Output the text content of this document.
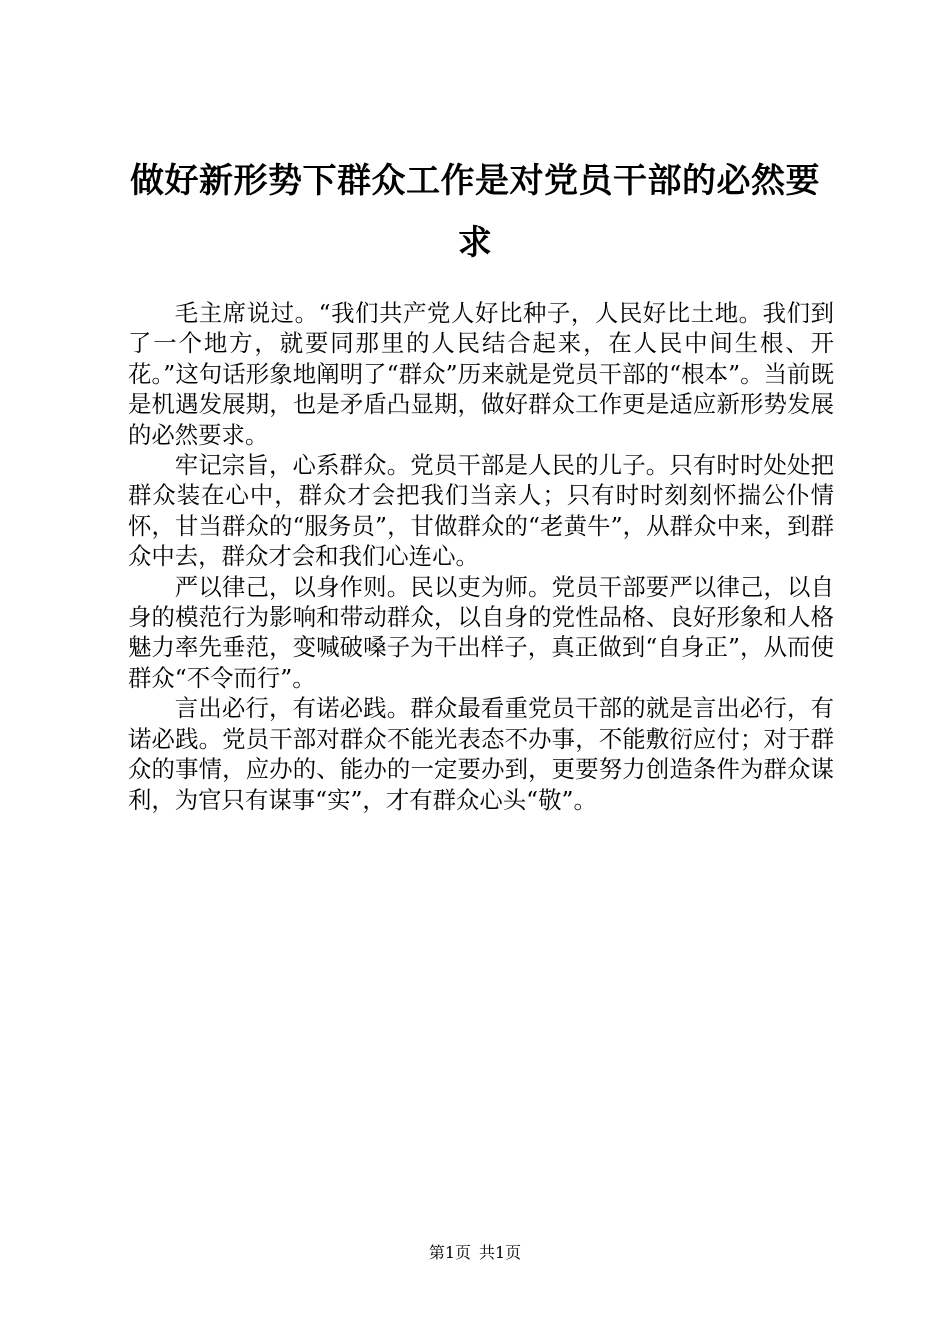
做好新形势下群众工作是对党员干部的必然要求

毛主席说过。“我们共产党人好比种子，人民好比土地。我们到了一个地方，就要同那里的人民结合起来，在人民中间生根、开花。”这句话形象地阐明了“群众”历来就是党员干部的“根本”。当前既是机遇发展期，也是矛盾凸显期，做好群众工作更是适应新形势发展的必然要求。

牢记宗旨，心系群众。党员干部是人民的儿子。只有时时处处把群众装在心中，群众才会把我们当亲人；只有时时刻刻怀揣公仆情怀，甘当群众的“服务员”，甘做群众的“老黄牛”，从群众中来，到群众中去，群众才会和我们心连心。

严以律己，以身作则。民以吏为师。党员干部要严以律己，以自身的模范行为影响和带动群众，以自身的党性品格、良好形象和人格魅力率先垂范，变喊破嗓子为干出样子，真正做到“自身正”，从而使群众“不令而行”。

言出必行，有诺必践。群众最看重党员干部的就是言出必行，有诺必践。党员干部对群众不能光表态不办事，不能敷衍应付；对于群众的事情，应办的、能办的一定要办到，更要努力创造条件为群众谋利，为官只有谋事“实”，才有群众心头“敬”。

第1页 共1页
